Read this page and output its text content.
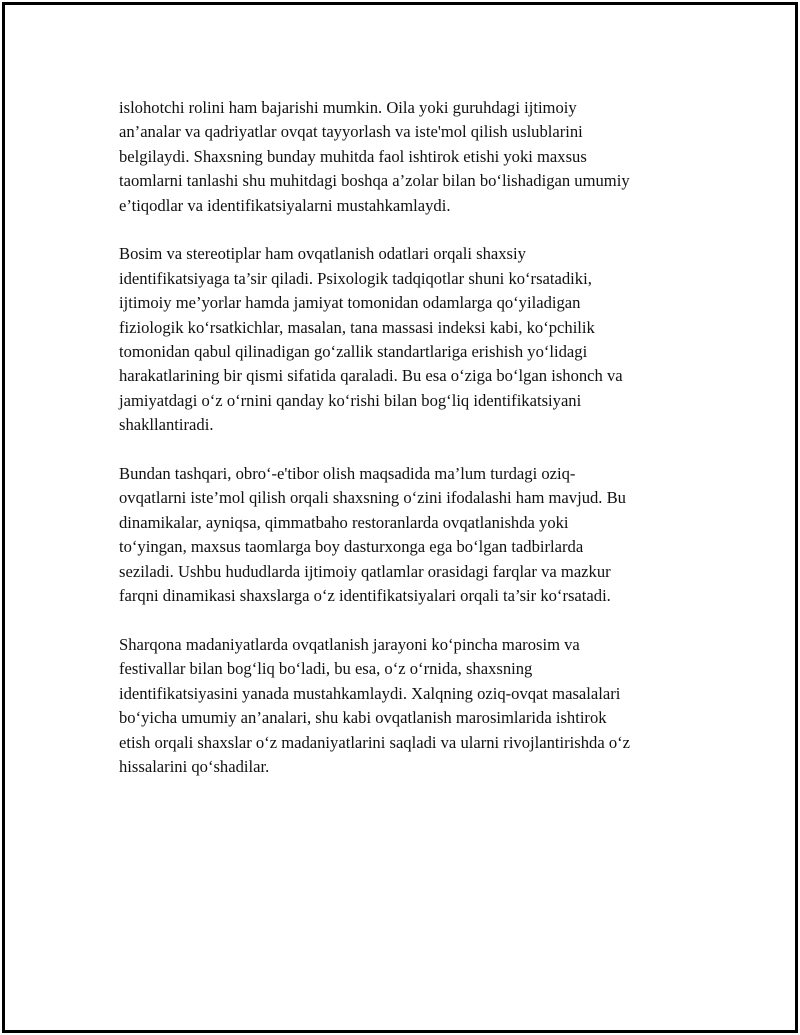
islohotchi rolini ham bajarishi mumkin. Oila yoki guruhdagi ijtimoiy
an’analar va qadriyatlar ovqat tayyorlash va iste'mol qilish uslublarini
belgilaydi. Shaxsning bunday muhitda faol ishtirok etishi yoki maxsus
taomlarni tanlashi shu muhitdagi boshqa a’zolar bilan bo‘lishadigan umumiy
e’tiqodlar va identifikatsiyalarni mustahkamlaydi.

Bosim va stereotiplar ham ovqatlanish odatlari orqali shaxsiy
identifikatsiyaga ta’sir qiladi. Psixologik tadqiqotlar shuni ko‘rsatadiki,
ijtimoiy me’yorlar hamda jamiyat tomonidan odamlarga qo‘yiladigan
fiziologik ko‘rsatkichlar, masalan, tana massasi indeksi kabi, ko‘pchilik
tomonidan qabul qilinadigan go‘zallik standartlariga erishish yo‘lidagi
harakatlarining bir qismi sifatida qaraladi. Bu esa o‘ziga bo‘lgan ishonch va
jamiyatdagi o‘z o‘rnini qanday ko‘rishi bilan bog‘liq identifikatsiyani
shakllantiradi.

Bundan tashqari, obro‘-e'tibor olish maqsadida ma’lum turdagi oziq-
ovqatlarni iste’mol qilish orqali shaxsning o‘zini ifodalashi ham mavjud. Bu
dinamikalar, ayniqsa, qimmatbaho restoranlarda ovqatlanishda yoki
to‘yingan, maxsus taomlarga boy dasturxonga ega bo‘lgan tadbirlarda
seziladi. Ushbu hududlarda ijtimoiy qatlamlar orasidagi farqlar va mazkur
farqni dinamikasi shaxslarga o‘z identifikatsiyalari orqali ta’sir ko‘rsatadi.

Sharqona madaniyatlarda ovqatlanish jarayoni ko‘pincha marosim va
festivallar bilan bog‘liq bo‘ladi, bu esa, o‘z o‘rnida, shaxsning
identifikatsiyasini yanada mustahkamlaydi. Xalqning oziq-ovqat masalalari
bo‘yicha umumiy an’analari, shu kabi ovqatlanish marosimlarida ishtirok
etish orqali shaxslar o‘z madaniyatlarini saqladi va ularni rivojlantirishda o‘z
hissalarini qo‘shadilar.
